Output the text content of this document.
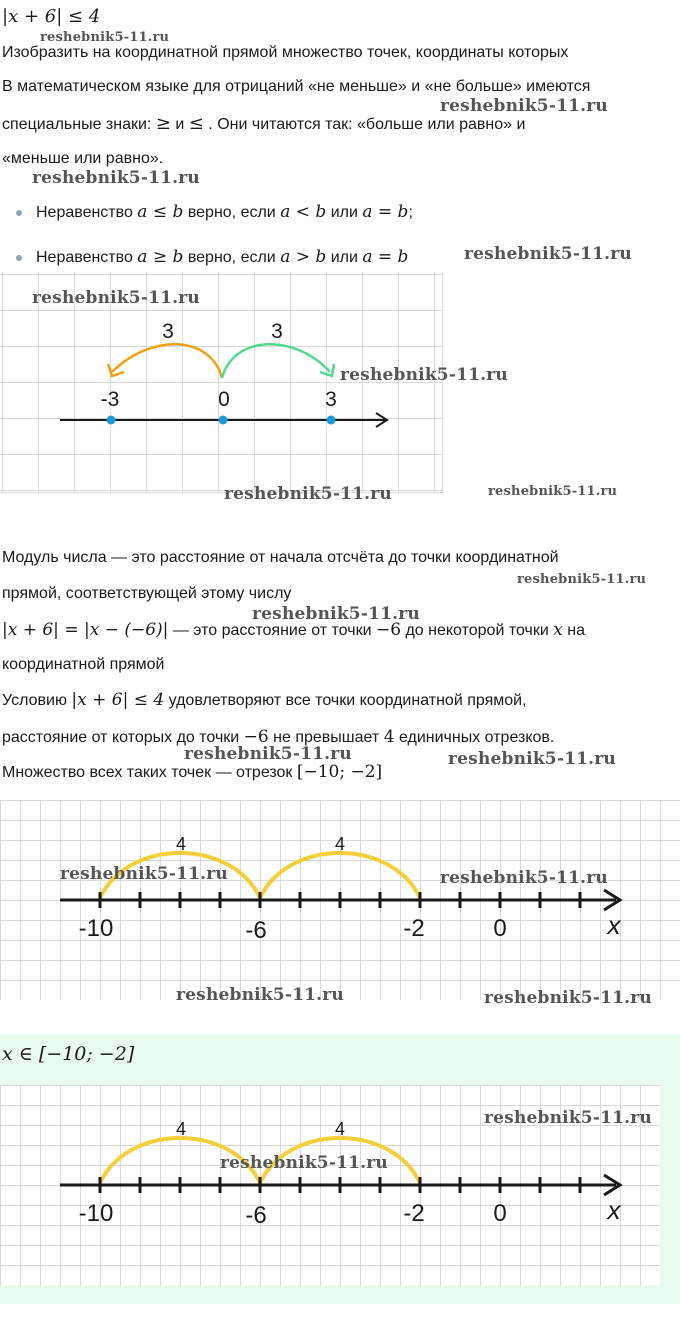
|x + 6| ≤ 4
Изобразить на координатной прямой множество точек, координаты которых
В математическом языке для отрицаний «не меньше» и «не больше» имеются
специальные знаки: ≥ и ≤ . Они читаются так: «больше или равно» и
«меньше или равно».
Неравенство a ≤ b верно, если a < b или a = b;
Неравенство a ≥ b верно, если a > b или a = b
3	3
-3	0	3
Модуль числа — это расстояние от начала отсчёта до точки координатной
прямой, соответствующей этому числу
|x + 6| = |x − (−6)| — это расстояние от точки −6 до некоторой точки x на
координатной прямой
Условию |x + 6| ≤ 4 удовлетворяют все точки координатной прямой,
расстояние от которых до точки −6 не превышает 4 единичных отрезков.
Множество всех таких точек — отрезок [−10; −2]
4	4
-10	-6	-2	0	x
x ∈ [−10; −2]
4	4
-10	-6	-2	0	x
reshebnik5-11.ru
reshebnik5-11.ru
reshebnik5-11.ru
reshebnik5-11.ru
reshebnik5-11.ru
reshebnik5-11.ru
reshebnik5-11.ru	reshebnik5-11.ru
reshebnik5-11.ru
reshebnik5-11.ru
reshebnik5-11.ru	reshebnik5-11.ru
reshebnik5-11.ru	reshebnik5-11.ru
reshebnik5-11.ru	reshebnik5-11.ru
reshebnik5-11.ru
reshebnik5-11.ru
